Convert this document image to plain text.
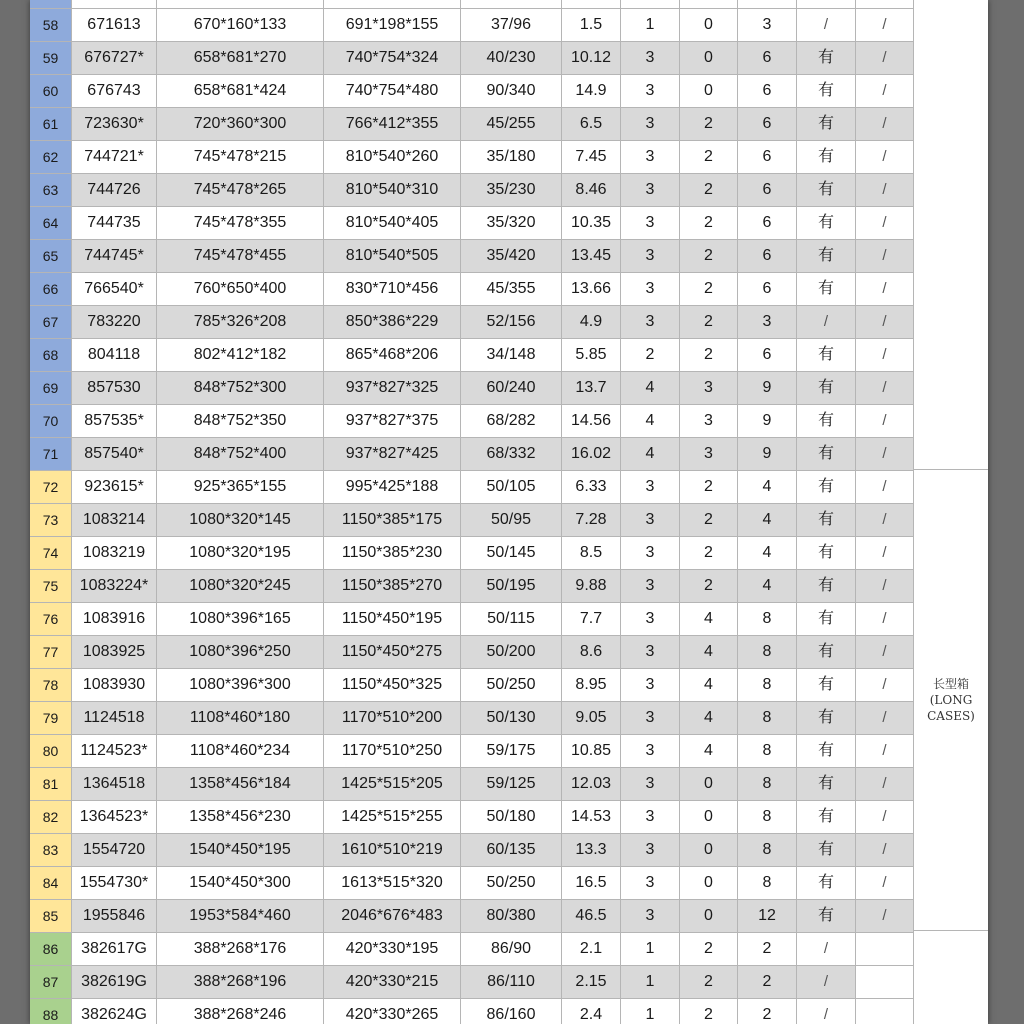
58	671613	670*160*133	691*198*155	37/96	1.5	1	0	3	/	/
59	676727*	658*681*270	740*754*324	40/230	10.12	3	0	6	有	/
60	676743	658*681*424	740*754*480	90/340	14.9	3	0	6	有	/
61	723630*	720*360*300	766*412*355	45/255	6.5	3	2	6	有	/
62	744721*	745*478*215	810*540*260	35/180	7.45	3	2	6	有	/
63	744726	745*478*265	810*540*310	35/230	8.46	3	2	6	有	/
64	744735	745*478*355	810*540*405	35/320	10.35	3	2	6	有	/
65	744745*	745*478*455	810*540*505	35/420	13.45	3	2	6	有	/
66	766540*	760*650*400	830*710*456	45/355	13.66	3	2	6	有	/
67	783220	785*326*208	850*386*229	52/156	4.9	3	2	3	/	/
68	804118	802*412*182	865*468*206	34/148	5.85	2	2	6	有	/
69	857530	848*752*300	937*827*325	60/240	13.7	4	3	9	有	/
70	857535*	848*752*350	937*827*375	68/282	14.56	4	3	9	有	/
71	857540*	848*752*400	937*827*425	68/332	16.02	4	3	9	有	/
72	923615*	925*365*155	995*425*188	50/105	6.33	3	2	4	有	/
73	1083214	1080*320*145	1150*385*175	50/95	7.28	3	2	4	有	/
74	1083219	1080*320*195	1150*385*230	50/145	8.5	3	2	4	有	/
75	1083224*	1080*320*245	1150*385*270	50/195	9.88	3	2	4	有	/
76	1083916	1080*396*165	1150*450*195	50/115	7.7	3	4	8	有	/
77	1083925	1080*396*250	1150*450*275	50/200	8.6	3	4	8	有	/
78	1083930	1080*396*300	1150*450*325	50/250	8.95	3	4	8	有	/
79	1124518	1108*460*180	1170*510*200	50/130	9.05	3	4	8	有	/
80	1124523*	1108*460*234	1170*510*250	59/175	10.85	3	4	8	有	/
81	1364518	1358*456*184	1425*515*205	59/125	12.03	3	0	8	有	/
82	1364523*	1358*456*230	1425*515*255	50/180	14.53	3	0	8	有	/
83	1554720	1540*450*195	1610*510*219	60/135	13.3	3	0	8	有	/
84	1554730*	1540*450*300	1613*515*320	50/250	16.5	3	0	8	有	/
85	1955846	1953*584*460	2046*676*483	80/380	46.5	3	0	12	有	/
86	382617G	388*268*176	420*330*195	86/90	2.1	1	2	2	/
87	382619G	388*268*196	420*330*215	86/110	2.15	1	2	2	/
88	382624G	388*268*246	420*330*265	86/160	2.4	1	2	2	/
长型箱
(LONG
CASES)
